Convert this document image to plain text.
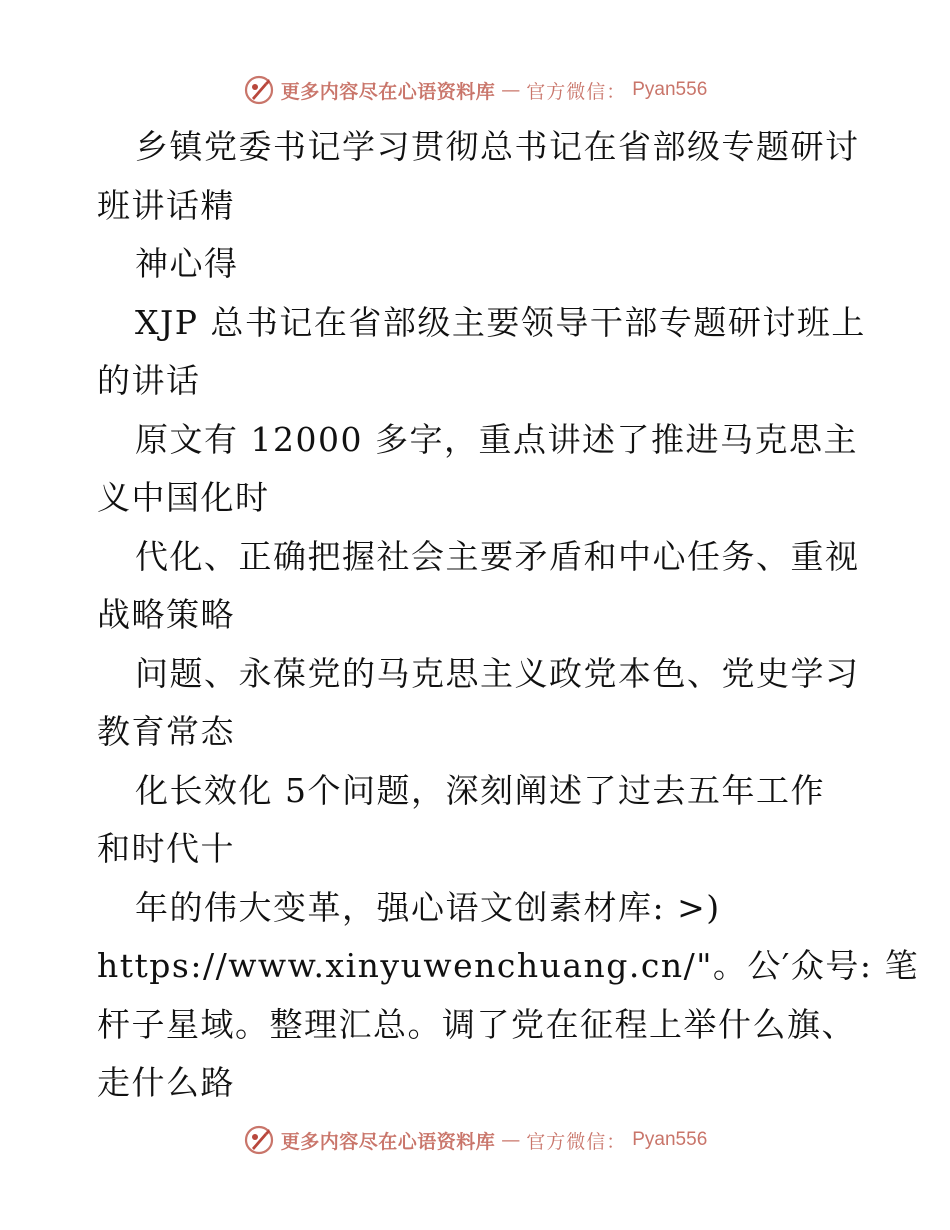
更多内容尽在心语资料库 — 官方微信： Pyan556
乡镇党委书记学习贯彻总书记在省部级专题研讨
班讲话精
神心得
XJP 总书记在省部级主要领导干部专题研讨班上
的讲话
原文有 12000 多字，重点讲述了推进马克思主
义中国化时
代化、正确把握社会主要矛盾和中心任务、重视
战略策略
问题、永葆党的马克思主义政党本色、党史学习
教育常态
化长效化 5个问题，深刻阐述了过去五年工作
和时代十
年的伟大变革，强心语文创素材库: >)
https://www.xinyuwenchuang.cn/"。公′众号: 笔
杆子星域。整理汇总。调了党在征程上举什么旗、
走什么路
更多内容尽在心语资料库 — 官方微信： Pyan556
